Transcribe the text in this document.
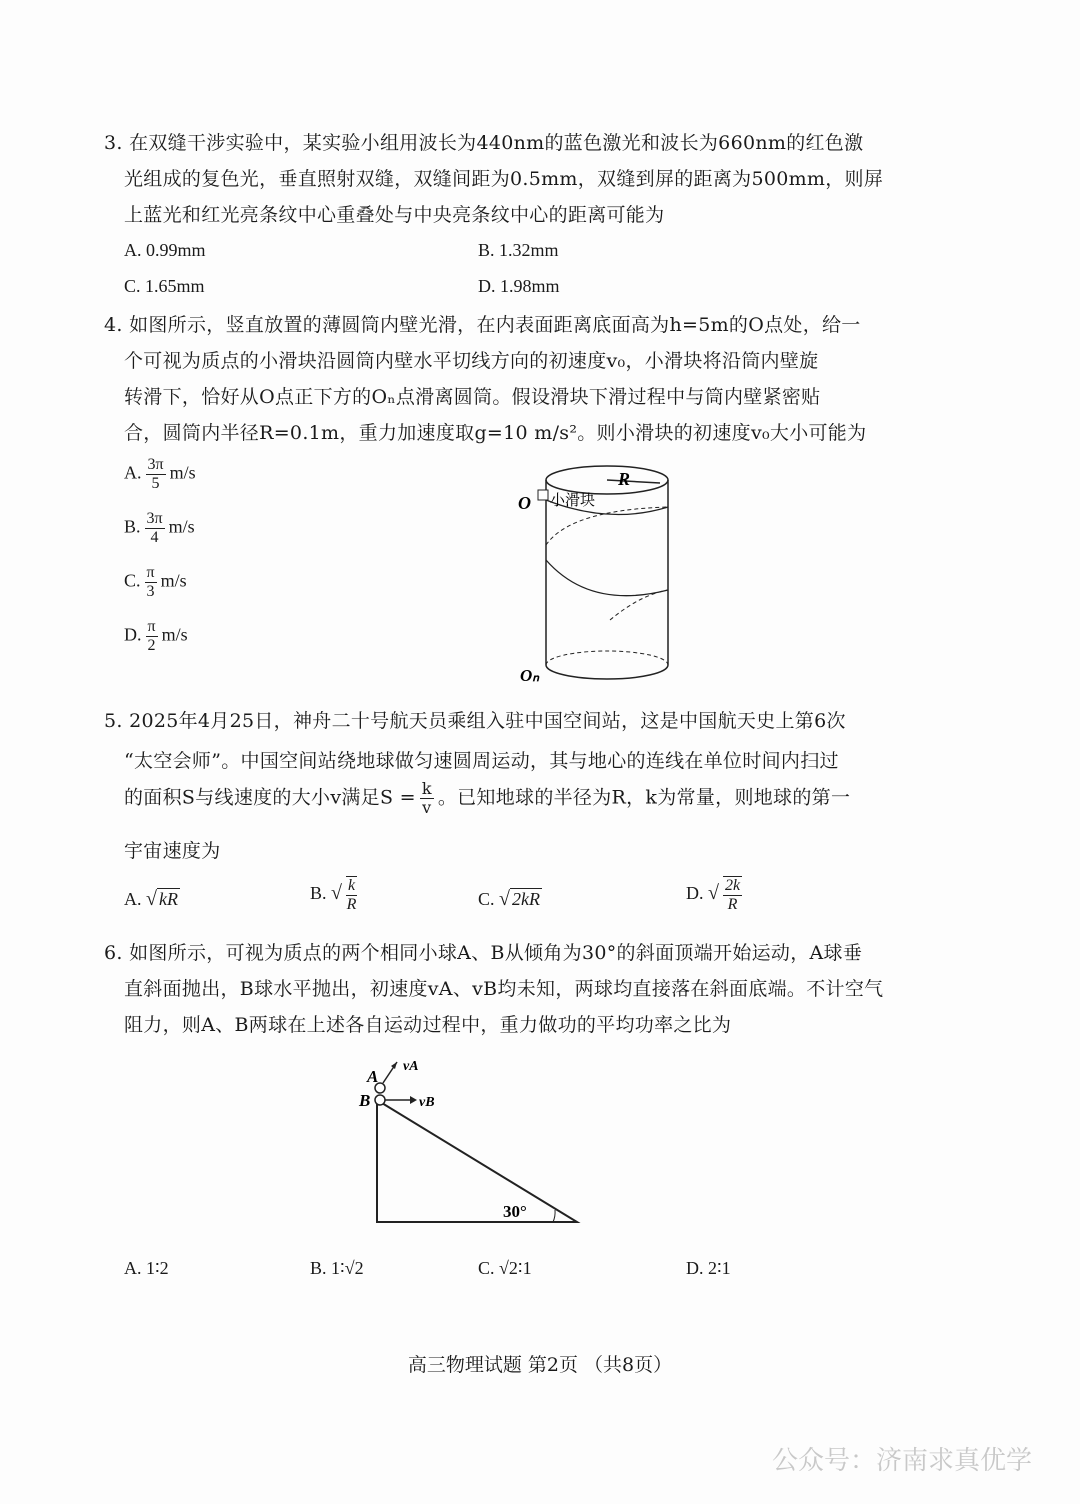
3. 在双缝干涉实验中，某实验小组用波长为440nm的蓝色激光和波长为660nm的红色激
光组成的复色光，垂直照射双缝，双缝间距为0.5mm，双缝到屏的距离为500mm，则屏
上蓝光和红光亮条纹中心重叠处与中央亮条纹中心的距离可能为
A. 0.99mm	B. 1.32mm
C. 1.65mm	D. 1.98mm
4. 如图所示，竖直放置的薄圆筒内壁光滑，在内表面距离底面高为h=5m的O点处，给一
个可视为质点的小滑块沿圆筒内壁水平切线方向的初速度v₀，小滑块将沿筒内壁旋
转滑下，恰好从O点正下方的Oₙ点滑离圆筒。假设滑块下滑过程中与筒内壁紧密贴
合，圆筒内半径R=0.1m，重力加速度取g=10 m/s²。则小滑块的初速度v₀大小可能为
A. $\frac{3\pi}{5} m/s$
B. $\frac{3\pi}{4} m/s$
C. $\frac{\pi}{3} m/s$
D. $\frac{\pi}{2} m/s$
R
O 小滑块
Oₙ
5. 2025年4月25日，神舟二十号航天员乘组入驻中国空间站，这是中国航天史上第6次
“太空会师”。中国空间站绕地球做匀速圆周运动，其与地心的连线在单位时间内扫过
的面积S与线速度的大小v满足$S = \frac{k}{v}$ 。已知地球的半径为R，k为常量，则地球的第一
宇宙速度为
A. √ kR	B. √ $\frac{k}{R}$	C. √ 2kR	D. √ $\frac{2k}{R}$
6. 如图所示，可视为质点的两个相同小球A、B从倾角为30°的斜面顶端开始运动，A球垂
直斜面抛出，B球水平抛出，初速度vA、vB均未知，两球均直接落在斜面底端。不计空气
阻力，则A、B两球在上述各自运动过程中，重力做功的平均功率之比为
A
B
vA
vB
30°
A. 1∶2	B. 1∶√2	C. √2∶1	D. 2∶1
高三物理试题 第2页 （共8页）
公众号：济南求真优学
